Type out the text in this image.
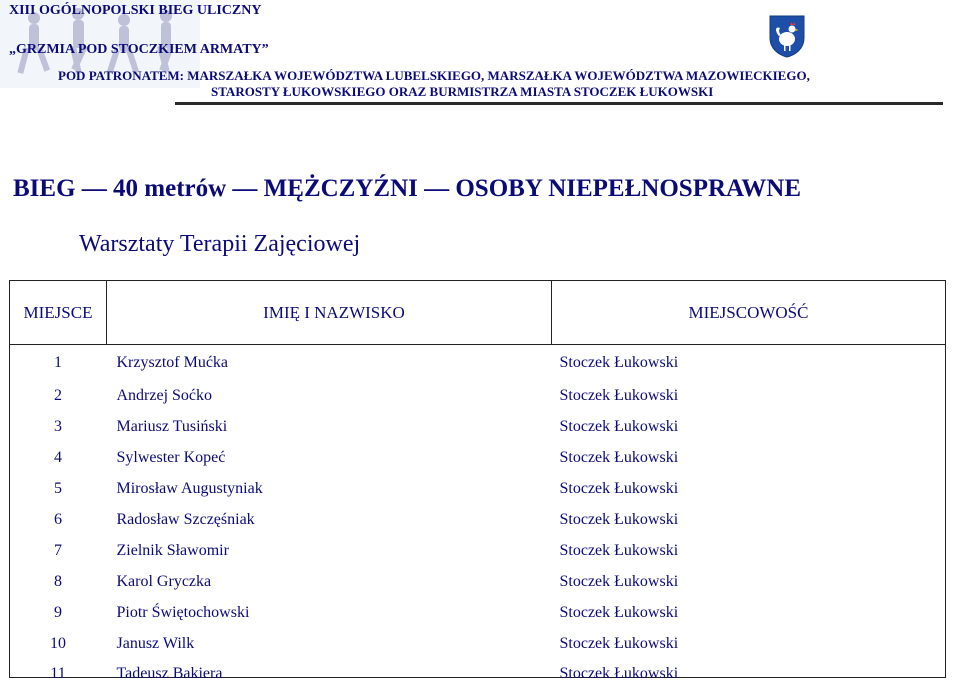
XIII OGÓLNOPOLSKI BIEG ULICZNY
„GRZMIA POD STOCZKIEM ARMATY”
POD PATRONATEM: MARSZAŁKA WOJEWÓDZTWA LUBELSKIEGO, MARSZAŁKA WOJEWÓDZTWA MAZOWIECKIEGO,
STAROSTY ŁUKOWSKIEGO ORAZ BURMISTRZA MIASTA STOCZEK ŁUKOWSKI
BIEG — 40 metrów — MĘŻCZYŹNI — OSOBY NIEPEŁNOSPRAWNE
Warsztaty Terapii Zajęciowej
MIEJSCE	IMIĘ I NAZWISKO	MIEJSCOWOŚĆ
1	Krzysztof Mućka	Stoczek Łukowski
2	Andrzej Soćko	Stoczek Łukowski
3	Mariusz Tusiński	Stoczek Łukowski
4	Sylwester Kopeć	Stoczek Łukowski
5	Mirosław Augustyniak	Stoczek Łukowski
6	Radosław Szczęśniak	Stoczek Łukowski
7	Zielnik Sławomir	Stoczek Łukowski
8	Karol Gryczka	Stoczek Łukowski
9	Piotr Świętochowski	Stoczek Łukowski
10	Janusz Wilk	Stoczek Łukowski
11	Tadeusz Bakiera	Stoczek Łukowski
